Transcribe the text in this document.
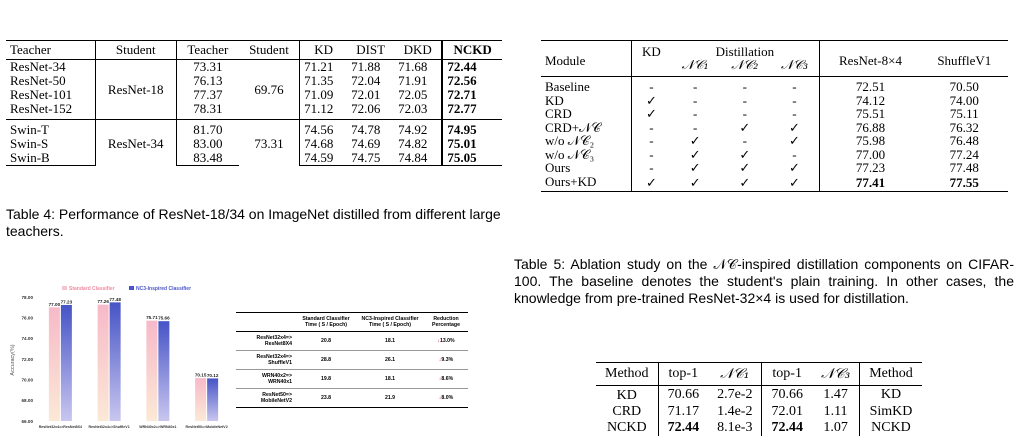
Teacher	Student	Teacher	Student	KD	DIST	DKD	NCKD
ResNet-34	ResNet-18	73.31	69.76	71.21	71.88	71.68	72.44
ResNet-50		76.13		71.35	72.04	71.91	72.56
ResNet-101		77.37		71.09	72.01	72.05	72.71
ResNet-152		78.31		71.12	72.06	72.03	72.77
Swin-T	ResNet-34	81.70	73.31	74.56	74.78	74.92	74.95
Swin-S		83.00		74.68	74.69	74.82	75.01
Swin-B		83.48		74.59	74.75	74.84	75.05
Table 4: Performance of ResNet-18/34 on ImageNet distilled from different large teachers.
Module	KD	Distillation			ResNet-8×4	ShuffleV1
		𝒩𝒞₁	𝒩𝒞₂	𝒩𝒞₃		
Baseline	-	-	-	-	72.51	70.50
KD	✓	-	-	-	74.12	74.00
CRD	✓	-	-	-	75.51	75.11
CRD+𝒩𝒞	-	-	✓	✓	76.88	76.32
w/o 𝒩𝒞₂	-	✓	-	✓	75.98	76.48
w/o 𝒩𝒞₃	-	✓	✓	-	77.00	77.24
Ours	-	✓	✓	✓	77.23	77.48
Ours+KD	✓	✓	✓	✓	77.41	77.55
Table 5: Ablation study on the 𝒩𝒞-inspired distillation components on CIFAR-100. The baseline denotes the student's plain training. In other cases, the knowledge from pre-trained ResNet-32×4 is used for distillation.
Method	top-1	𝒩𝒞₁	top-1	𝒩𝒞₃	Method
KD	70.66	2.7e-2	70.66	1.47	KD
CRD	71.17	1.4e-2	72.01	1.11	SimKD
NCKD	72.44	8.1e-3	72.44	1.07	NCKD
Standard Classifier	NC3-Inspired Classifier
Accuracy(%)
66.00
68.00
70.00
72.00
74.00
76.00
78.00
77.00 77.23	77.26 77.48
75.71 75.66
70.15 70.12
ResNet32x4=>ResNet8X4 ResNet32x4=>ShuffleV1	WRN40x2=>WRN40x1 ResNet50=>MobileNetV2
	Standard Classifier Time ( S / Epoch)	NC3-Inspired Classifier Time ( S / Epoch)	Reduction Percentage
ResNet32x4=> ResNet8X4	20.8	18.1	↓13.0%
ResNet32x4=> ShuffleV1	28.8	26.1	↓9.3%
WRN40x2=> WRN40x1	19.8	18.1	↓8.6%
ResNet50=> MobileNetV2	23.8	21.9	↓8.0%
